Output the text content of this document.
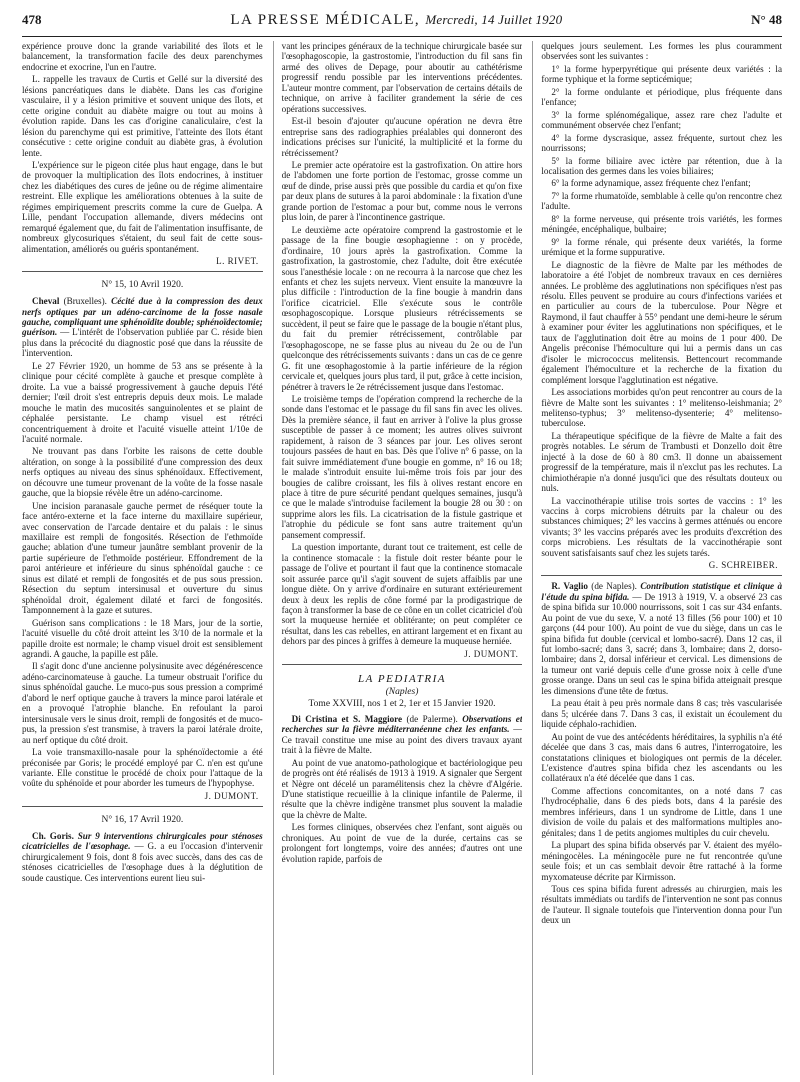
478	LA PRESSE MÉDICALE, Mercredi, 14 Juillet 1920	N° 48

expérience prouve donc la grande variabilité des îlots et le balancement, la transformation facile des deux parenchymes endocrine et exocrine, l'un en l'autre.

L. rappelle les travaux de Curtis et Gellé sur la diversité des lésions pancréatiques dans le diabète. Dans les cas d'origine vasculaire, il y a lésion primitive et souvent unique des îlots, et cette origine conduit au diabète maigre ou tout au moins à évolution rapide. Dans les cas d'origine canaliculaire, c'est la lésion du parenchyme qui est primitive, l'atteinte des îlots étant consécutive : cette origine conduit au diabète gras, à évolution lente.

L'expérience sur le pigeon citée plus haut engage, dans le but de provoquer la multiplication des îlots endocrines, à instituer chez les diabétiques des cures de jeûne ou de régime alimentaire restreint. Elle explique les améliorations obtenues à la suite de régimes empiriquement prescrits comme la cure de Guelpa. A Lille, pendant l'occupation allemande, divers médecins ont remarqué également que, du fait de l'alimentation insuffisante, de nombreux glycosuriques s'étaient, du seul fait de cette sous-alimentation, améliorés ou guéris spontanément.

L. RIVET.
N° 15, 10 Avril 1920.

Cheval (Bruxelles). Cécité due à la compression des deux nerfs optiques par un adéno-carcinome de la fosse nasale gauche, compliquant une sphénoïdite double; sphénoïdectomie; guérison. — L'intérêt de l'observation publiée par C. réside bien plus dans la précocité du diagnostic posé que dans la réussite de l'intervention.

Le 27 Février 1920, un homme de 53 ans se présente à la clinique pour cécité complète à gauche et presque complète à droite. La vue a baissé progressivement à gauche depuis l'été dernier; l'œil droit s'est entrepris depuis deux mois. Le malade mouche le matin des mucosités sanguinolentes et se plaint de céphalée persistante. Le champ visuel est rétréci concentriquement à droite et l'acuité visuelle atteint 1/10e de l'acuité normale.

Ne trouvant pas dans l'orbite les raisons de cette double altération, on songe à la possibilité d'une compression des deux nerfs optiques au niveau des sinus sphénoïdaux. Effectivement, on découvre une tumeur provenant de la voûte de la fosse nasale gauche, que la biopsie révèle être un adéno-carcinome.

Une incision paranasale gauche permet de réséquer toute la face antéro-externe et la face interne du maxillaire supérieur, avec conservation de l'arcade dentaire et du palais : le sinus maxillaire est rempli de fongosités. Résection de l'ethmoïde gauche; ablation d'une tumeur jaunâtre semblant provenir de la partie supérieure de l'ethmoïde postérieur. Effondrement de la paroi antérieure et inférieure du sinus sphénoïdal gauche : ce sinus est dilaté et rempli de fongosités et de pus sous pression. Résection du septum intersinusal et ouverture du sinus sphénoïdal droit, également dilaté et farci de fongosités. Tamponnement à la gaze et sutures.

Guérison sans complications : le 18 Mars, jour de la sortie, l'acuité visuelle du côté droit atteint les 3/10 de la normale et la papille droite est normale; le champ visuel droit est sensiblement agrandi. A gauche, la papille est pâle.

Il s'agit donc d'une ancienne polysinusite avec dégénérescence adéno-carcinomateuse à gauche. La tumeur obstruait l'orifice du sinus sphénoïdal gauche. Le muco-pus sous pression a comprimé d'abord le nerf optique gauche à travers la mince paroi latérale et en a provoqué l'atrophie blanche. En refoulant la paroi intersinusale vers le sinus droit, rempli de fongosités et de muco-pus, la pression s'est transmise, à travers la paroi latérale droite, au nerf optique du côté droit.

La voie transmaxillo-nasale pour la sphénoïdectomie a été préconisée par Goris; le procédé employé par C. n'en est qu'une variante. Elle constitue le procédé de choix pour l'attaque de la voûte du sphénoïde et pour aborder les tumeurs de l'hypophyse.

J. DUMONT.
N° 16, 17 Avril 1920.

Ch. Goris. Sur 9 interventions chirurgicales pour sténoses cicatricielles de l'œsophage. — G. a eu l'occasion d'intervenir chirurgicalement 9 fois, dont 8 fois avec succès, dans des cas de sténoses cicatricielles de l'œsophage dues à la déglutition de soude caustique. Ces interventions eurent lieu sui-

vant les principes généraux de la technique chirurgicale basée sur l'œsophagoscopie, la gastrostomie, l'introduction du fil sans fin armé des olives de Depage, pour aboutir au cathétérisme progressif rendu possible par les interventions précédentes. L'auteur montre comment, par l'observation de certains détails de technique, on arrive à faciliter grandement la série de ces opérations successives.

Est-il besoin d'ajouter qu'aucune opération ne devra être entreprise sans des radiographies préalables qui donneront des indications précises sur l'unicité, la multiplicité et la forme du rétrécissement?

Le premier acte opératoire est la gastrofixation. On attire hors de l'abdomen une forte portion de l'estomac, grosse comme un œuf de dinde, prise aussi près que possible du cardia et qu'on fixe par deux plans de sutures à la paroi abdominale : la fixation d'une grande portion de l'estomac a pour but, comme nous le verrons plus loin, de parer à l'incontinence gastrique.

Le deuxième acte opératoire comprend la gastrostomie et le passage de la fine bougie œsophagienne : on y procède, d'ordinaire, 10 jours après la gastrofixation. Comme la gastrofixation, la gastrostomie, chez l'adulte, doit être exécutée sous l'anesthésie locale : on ne recourra à la narcose que chez les enfants et chez les sujets nerveux. Vient ensuite la manœuvre la plus difficile : l'introduction de la fine bougie à mandrin dans l'orifice cicatriciel. Elle s'exécute sous le contrôle œsophagoscopique. Lorsque plusieurs rétrécissements se succèdent, il peut se faire que le passage de la bougie n'étant plus, du fait du premier rétrécissement, contrôlable par l'œsophagoscope, ne se fasse plus au niveau du 2e ou de l'un quelconque des rétrécissements suivants : dans un cas de ce genre G. fit une œsophagostomie à la partie inférieure de la région cervicale et, quelques jours plus tard, il put, grâce à cette incision, pénétrer à travers le 2e rétrécissement jusque dans l'estomac.

Le troisième temps de l'opération comprend la recherche de la sonde dans l'estomac et le passage du fil sans fin avec les olives. Dès la première séance, il faut en arriver à l'olive la plus grosse susceptible de passer à ce moment; les autres olives suivront rapidement, à raison de 3 séances par jour. Les olives seront toujours passées de haut en bas. Dès que l'olive n° 6 passe, on la fait suivre immédiatement d'une bougie en gomme, n° 16 ou 18; le malade s'introduit ensuite lui-même trois fois par jour des bougies de calibre croissant, les fils à olives restant encore en place à titre de pure sécurité pendant quelques semaines, jusqu'à ce que le malade s'introduise facilement la bougie 28 ou 30 : on supprime alors les fils. La cicatrisation de la fistule gastrique et l'atrophie du pédicule se font sans autre traitement qu'un pansement compressif.

La question importante, durant tout ce traitement, est celle de la continence stomacale : la fistule doit rester béante pour le passage de l'olive et pourtant il faut que la continence stomacale soit assurée parce qu'il s'agit souvent de sujets affaiblis par une longue diète. On y arrive d'ordinaire en suturant extérieurement deux à deux les replis de cône formé par la prodigastrique de façon à transformer la base de ce cône en un collet cicatriciel d'où sort la muqueuse herniée et oblitérante; on peut compléter ce résultat, dans les cas rebelles, en attirant largement et en fixant au dehors par des pinces à griffes à demeure la muqueuse herniée.

J. DUMONT.
LA PEDIATRIA
(Naples)
Tome XXVIII, nos 1 et 2, 1er et 15 Janvier 1920.

Di Cristina et S. Maggiore (de Palerme). Observations et recherches sur la fièvre méditerranéenne chez les enfants. — Ce travail constitue une mise au point des divers travaux ayant trait à la fièvre de Malte.

Au point de vue anatomo-pathologique et bactériologique peu de progrès ont été réalisés de 1913 à 1919. A signaler que Sergent et Nègre ont décelé un paramélitensis chez la chèvre d'Algérie. D'une statistique recueillie à la clinique infantile de Palerme, il résulte que la chèvre indigène transmet plus souvent la maladie que la chèvre de Malte.

Les formes cliniques, observées chez l'enfant, sont aiguës ou chroniques. Au point de vue de la durée, certains cas se prolongent fort longtemps, voire des années; d'autres ont une évolution rapide, parfois de

quelques jours seulement. Les formes les plus couramment observées sont les suivantes :

1° la forme hyperpyrétique qui présente deux variétés : la forme typhique et la forme septicémique;

2° la forme ondulante et périodique, plus fréquente dans l'enfance;

3° la forme splénomégalique, assez rare chez l'adulte et communément observée chez l'enfant;

4° la forme dyscrasique, assez fréquente, surtout chez les nourrissons;

5° la forme biliaire avec ictère par rétention, due à la localisation des germes dans les voies biliaires;

6° la forme adynamique, assez fréquente chez l'enfant;

7° la forme rhumatoïde, semblable à celle qu'on rencontre chez l'adulte.

8° la forme nerveuse, qui présente trois variétés, les formes méningée, encéphalique, bulbaire;

9° la forme rénale, qui présente deux variétés, la forme urémique et la forme suppurative.

Le diagnostic de la fièvre de Malte par les méthodes de laboratoire a été l'objet de nombreux travaux en ces dernières années. Le problème des agglutinations non spécifiques n'est pas résolu. Elles peuvent se produire au cours d'infections variées et en particulier au cours de la tuberculose. Pour Nègre et Raymond, il faut chauffer à 55° pendant une demi-heure le sérum à examiner pour éviter les agglutinations non spécifiques, et le taux de l'agglutination doit être au moins de 1 pour 400. De Angelis préconise l'hémoculture qui lui a permis dans un cas d'isoler le micrococcus melitensis. Bettencourt recommande également l'hémoculture et la recherche de la fixation du complément lorsque l'agglutination est négative.

Les associations morbides qu'on peut rencontrer au cours de la fièvre de Malte sont les suivantes : 1° melitenso-leishmania; 2° melitenso-typhus; 3° melitenso-dysenterie; 4° melitenso-tuberculose.

La thérapeutique spécifique de la fièvre de Malte a fait des progrès notables. Le sérum de Trambusti et Donzello doit être injecté à la dose de 60 à 80 cm3. Il donne un abaissement progressif de la température, mais il n'exclut pas les rechutes. La chimiothérapie n'a donné jusqu'ici que des résultats douteux ou nuls.

La vaccinothérapie utilise trois sortes de vaccins : 1° les vaccins à corps microbiens détruits par la chaleur ou des substances chimiques; 2° les vaccins à germes atténués ou encore vivants; 3° les vaccins préparés avec les produits d'excrétion des corps microbiens. Les résultats de la vaccinothérapie sont souvent satisfaisants sauf chez les sujets tarés.

G. SCHREIBER.

R. Vaglio (de Naples). Contribution statistique et clinique à l'étude du spina bifida. — De 1913 à 1919, V. a observé 23 cas de spina bifida sur 10.000 nourrissons, soit 1 cas sur 434 enfants. Au point de vue du sexe, V. a noté 13 filles (56 pour 100) et 10 garçons (44 pour 100). Au point de vue du siège, dans un cas le spina bifida fut double (cervical et lombo-sacré). Dans 12 cas, il fut lombo-sacré; dans 3, sacré; dans 3, lombaire; dans 2, dorso-lombaire; dans 2, dorsal inférieur et cervical. Les dimensions de la tumeur ont varié depuis celle d'une grosse noix à celle d'une grosse orange. Dans un seul cas le spina bifida atteignait presque les dimensions d'une tête de fœtus.

La peau était à peu près normale dans 8 cas; très vascularisée dans 5; ulcérée dans 7. Dans 3 cas, il existait un écoulement du liquide céphalo-rachidien.

Au point de vue des antécédents héréditaires, la syphilis n'a été décelée que dans 3 cas, mais dans 6 autres, l'interrogatoire, les constatations cliniques et biologiques ont permis de la déceler. L'existence d'autres spina bifida chez les ascendants ou les collatéraux n'a été décelée que dans 1 cas.

Comme affections concomitantes, on a noté dans 7 cas l'hydrocéphalie, dans 6 des pieds bots, dans 4 la parésie des membres inférieurs, dans 1 un syndrome de Little, dans 1 une division de voile du palais et des malformations multiples ano-génitales; dans 1 de petits angiomes multiples du cuir chevelu.

La plupart des spina bifida observés par V. étaient des myélo-méningocèles. La méningocèle pure ne fut rencontrée qu'une seule fois; et un cas semblait devoir être rattaché à la forme myxomateuse décrite par Kirmisson.

Tous ces spina bifida furent adressés au chirurgien, mais les résultats immédiats ou tardifs de l'intervention ne sont pas connus de l'auteur. Il signale toutefois que l'intervention donna pour l'un deux un
